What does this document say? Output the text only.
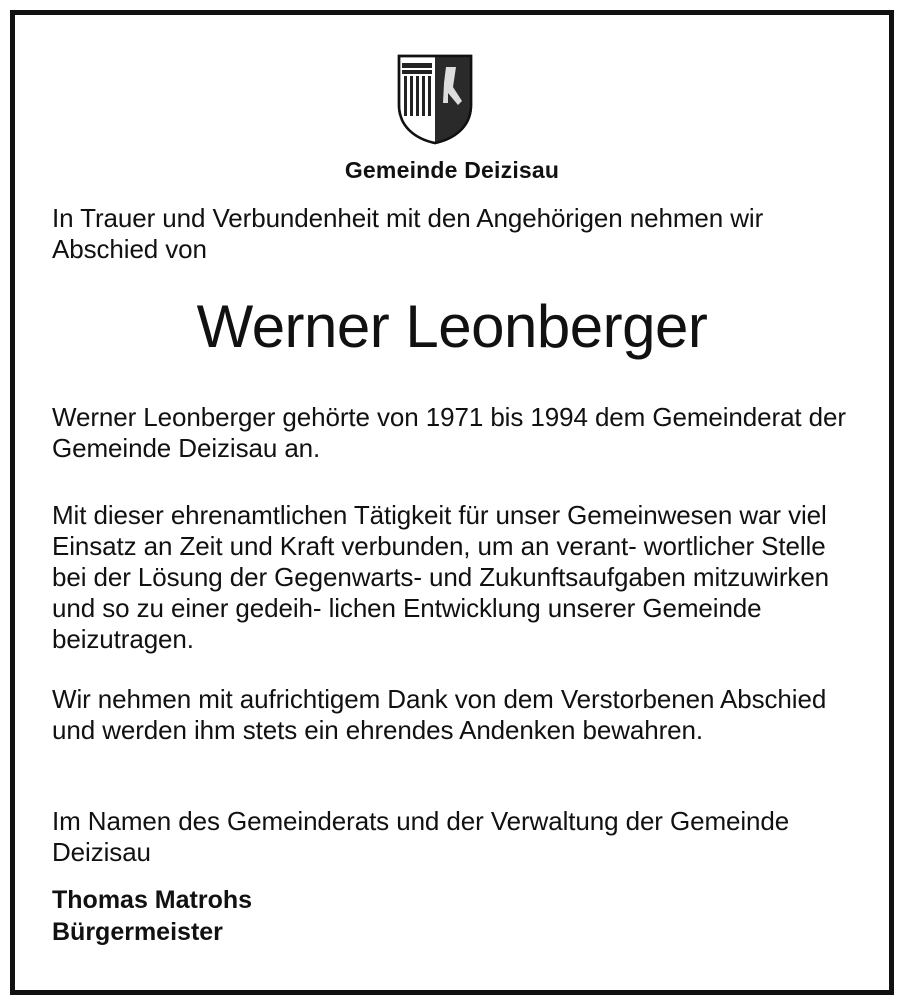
Gemeinde Deizisau
In Trauer und Verbundenheit mit den Angehörigen nehmen wir Abschied von
Werner Leonberger
Werner Leonberger gehörte von 1971 bis 1994 dem Gemeinderat der Gemeinde Deizisau an.
Mit dieser ehrenamtlichen Tätigkeit für unser Gemeinwesen war viel Einsatz an Zeit und Kraft verbunden, um an verant- wortlicher Stelle bei der Lösung der Gegenwarts- und Zukunftsaufgaben mitzuwirken und so zu einer gedeih- lichen Entwicklung unserer Gemeinde beizutragen.
Wir nehmen mit aufrichtigem Dank von dem Verstorbenen Abschied und werden ihm stets ein ehrendes Andenken bewahren.
Im Namen des Gemeinderats und der Verwaltung der Gemeinde Deizisau
Thomas Matrohs
Bürgermeister
